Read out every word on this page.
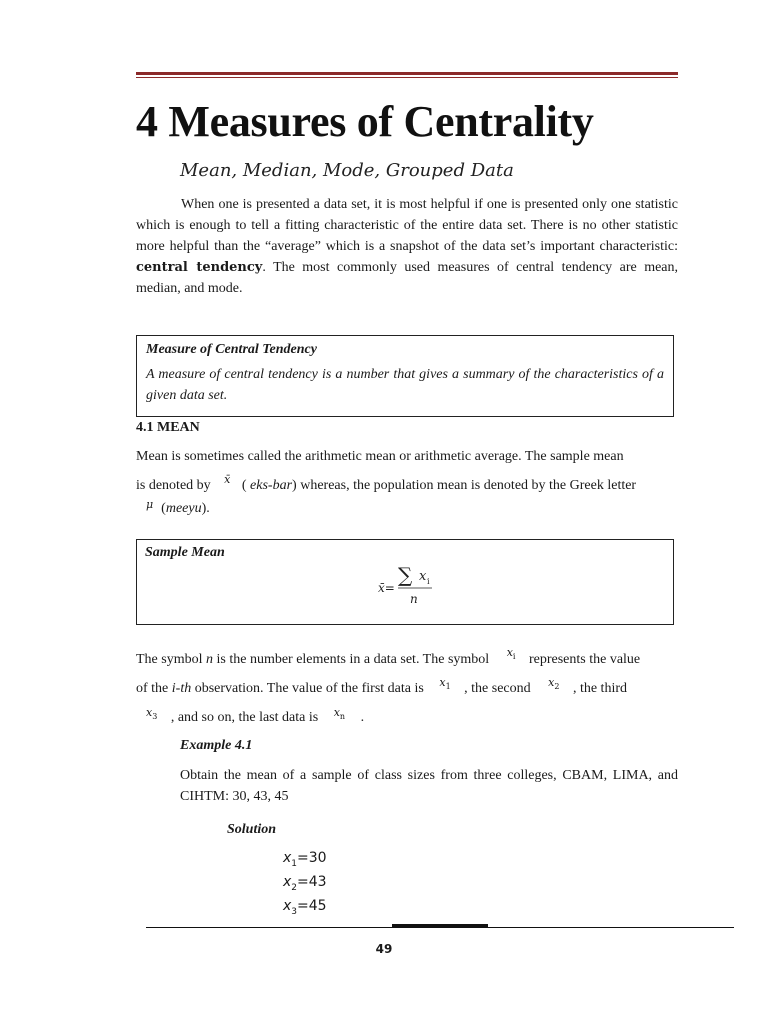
4 Measures of Centrality
Mean, Median, Mode, Grouped Data
When one is presented a data set, it is most helpful if one is presented only one statistic which is enough to tell a fitting characteristic of the entire data set. There is no other statistic more helpful than the “average” which is a snapshot of the data set’s important characteristic: central tendency. The most commonly used measures of central tendency are mean, median, and mode.
Measure of Central Tendency
A measure of central tendency is a number that gives a summary of the characteristics of a given data set.
4.1 MEAN
Mean is sometimes called the arithmetic mean or arithmetic average. The sample mean
is denoted by $^{x̄}$ ( eks-bar) whereas, the population mean is denoted by the Greek letter
$^\mu$ (meeyu).
Sample Mean
x̄=
∑ x i
n
The symbol n is the number elements in a data set. The symbol $^{x_i}$ represents the value
of the i-th observation. The value of the first data is $^{x_1}$ , the second $^{x_2}$ , the third
$^{x_3}$ , and so on, the last data is $^{x_n}$ .
Example 4.1
Obtain the mean of a sample of class sizes from three colleges, CBAM, LIMA, and CIHTM: 30, 43, 45
Solution
$x_1=30$
$x_2=43$
$x_3=45$
49
